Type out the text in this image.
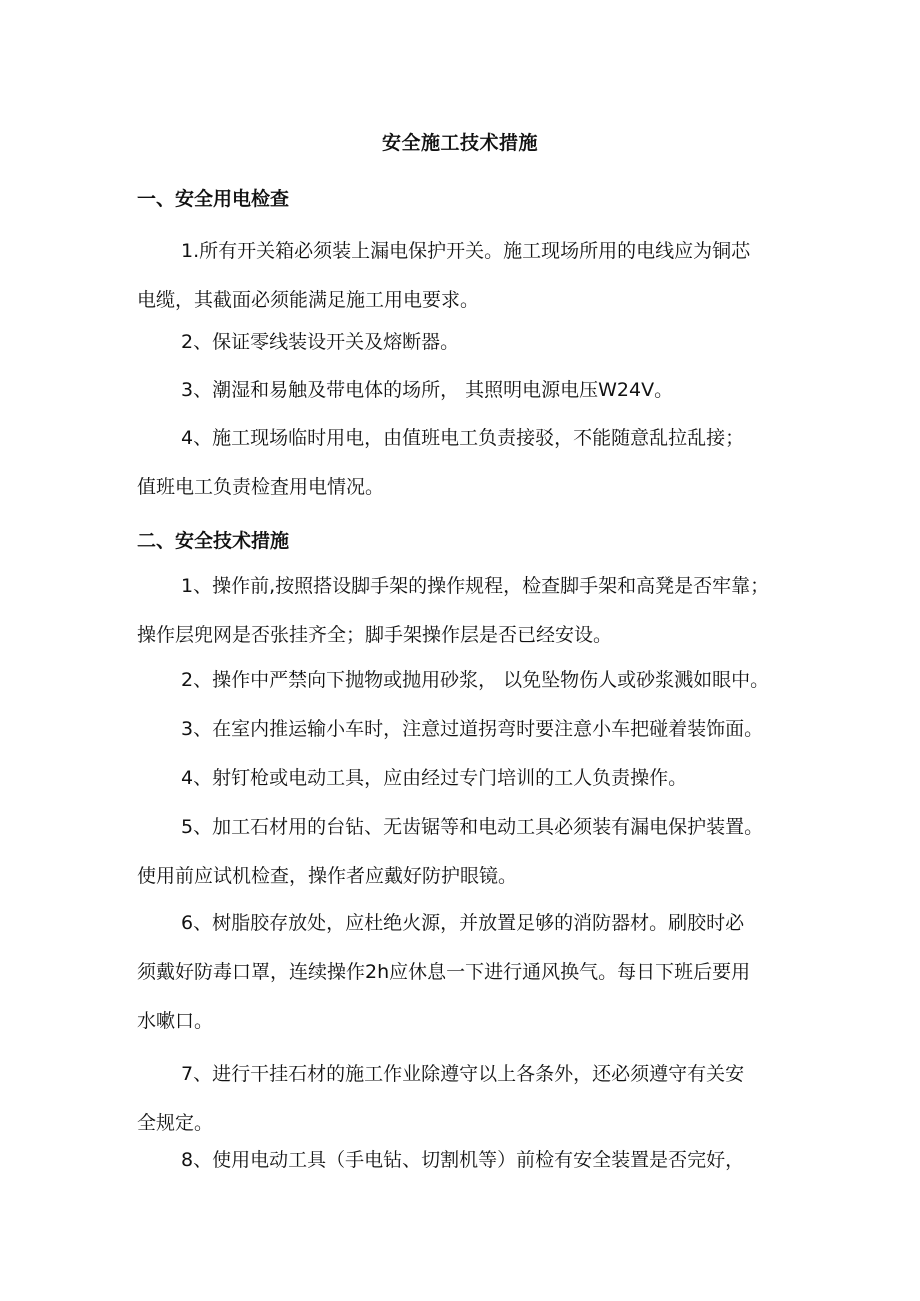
安全施工技术措施
一、安全用电检查
1.所有开关箱必须装上漏电保护开关。施工现场所用的电线应为铜芯
电缆，其截面必须能满足施工用电要求。
2、保证零线装设开关及熔断器。
3、潮湿和易触及带电体的场所， 其照明电源电压W24V。
4、施工现场临时用电，由值班电工负责接驳，不能随意乱拉乱接；
值班电工负责检査用电情况。
二、安全技术措施
1、操作前,按照搭设脚手架的操作规程，检查脚手架和高凳是否牢靠；
操作层兜网是否张挂齐全；脚手架操作层是否已经安设。
2、操作中严禁向下抛物或抛用砂浆， 以免坠物伤人或砂浆溅如眼中。
3、在室内推运输小车时，注意过道拐弯时要注意小车把碰着装饰面。
4、射钉枪或电动工具，应由经过专门培训的工人负责操作。
5、加工石材用的台钻、无齿锯等和电动工具必须装有漏电保护装置。
使用前应试机检查，操作者应戴好防护眼镜。
6、树脂胶存放处，应杜绝火源，并放置足够的消防器材。刷胶时必
须戴好防毒口罩，连续操作2h应休息一下进行通风换气。每日下班后要用
水嗽口。
7、进行干挂石材的施工作业除遵守以上各条外，还必须遵守有关安
全规定。
8、使用电动工具（手电钻、切割机等）前检有安全装置是否完好，
